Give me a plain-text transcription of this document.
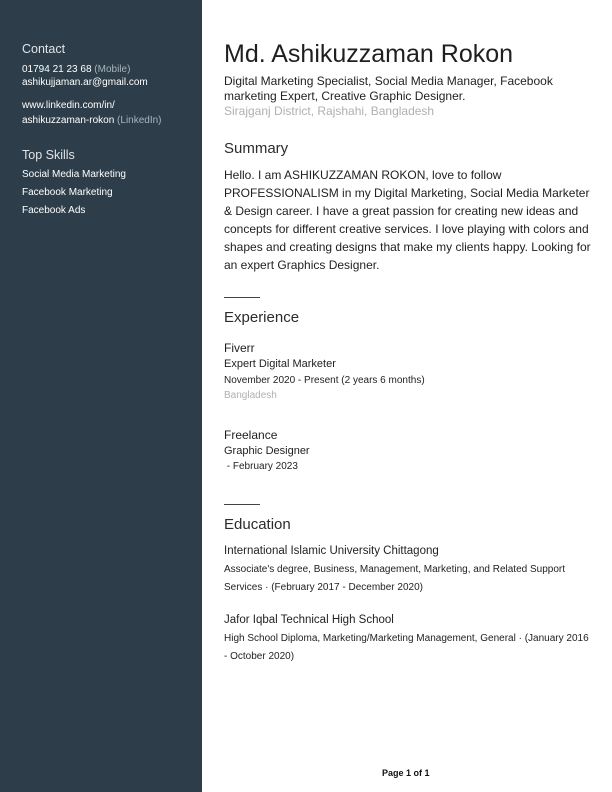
Contact
01794 21 23 68 (Mobile)
ashikujjaman.ar@gmail.com
www.linkedin.com/in/
ashikuzzaman-rokon (LinkedIn)
Top Skills
Social Media Marketing
Facebook Marketing
Facebook Ads
Md. Ashikuzzaman Rokon
Digital Marketing Specialist, Social Media Manager, Facebook marketing Expert, Creative Graphic Designer.
Sirajganj District, Rajshahi, Bangladesh
Summary
Hello. I am ASHIKUZZAMAN ROKON, love to follow PROFESSIONALISM in my Digital Marketing, Social Media Marketer & Design career. I have a great passion for creating new ideas and concepts for different creative services. I love playing with colors and shapes and creating designs that make my clients happy. Looking for an expert Graphics Designer.
Experience
Fiverr
Expert Digital Marketer
November 2020 - Present (2 years 6 months)
Bangladesh
Freelance
Graphic Designer
- February 2023
Education
International Islamic University Chittagong
Associate's degree, Business, Management, Marketing, and Related Support Services · (February 2017 - December 2020)
Jafor Iqbal Technical High School
High School Diploma, Marketing/Marketing Management, General · (January 2016 - October 2020)
Page 1 of 1
